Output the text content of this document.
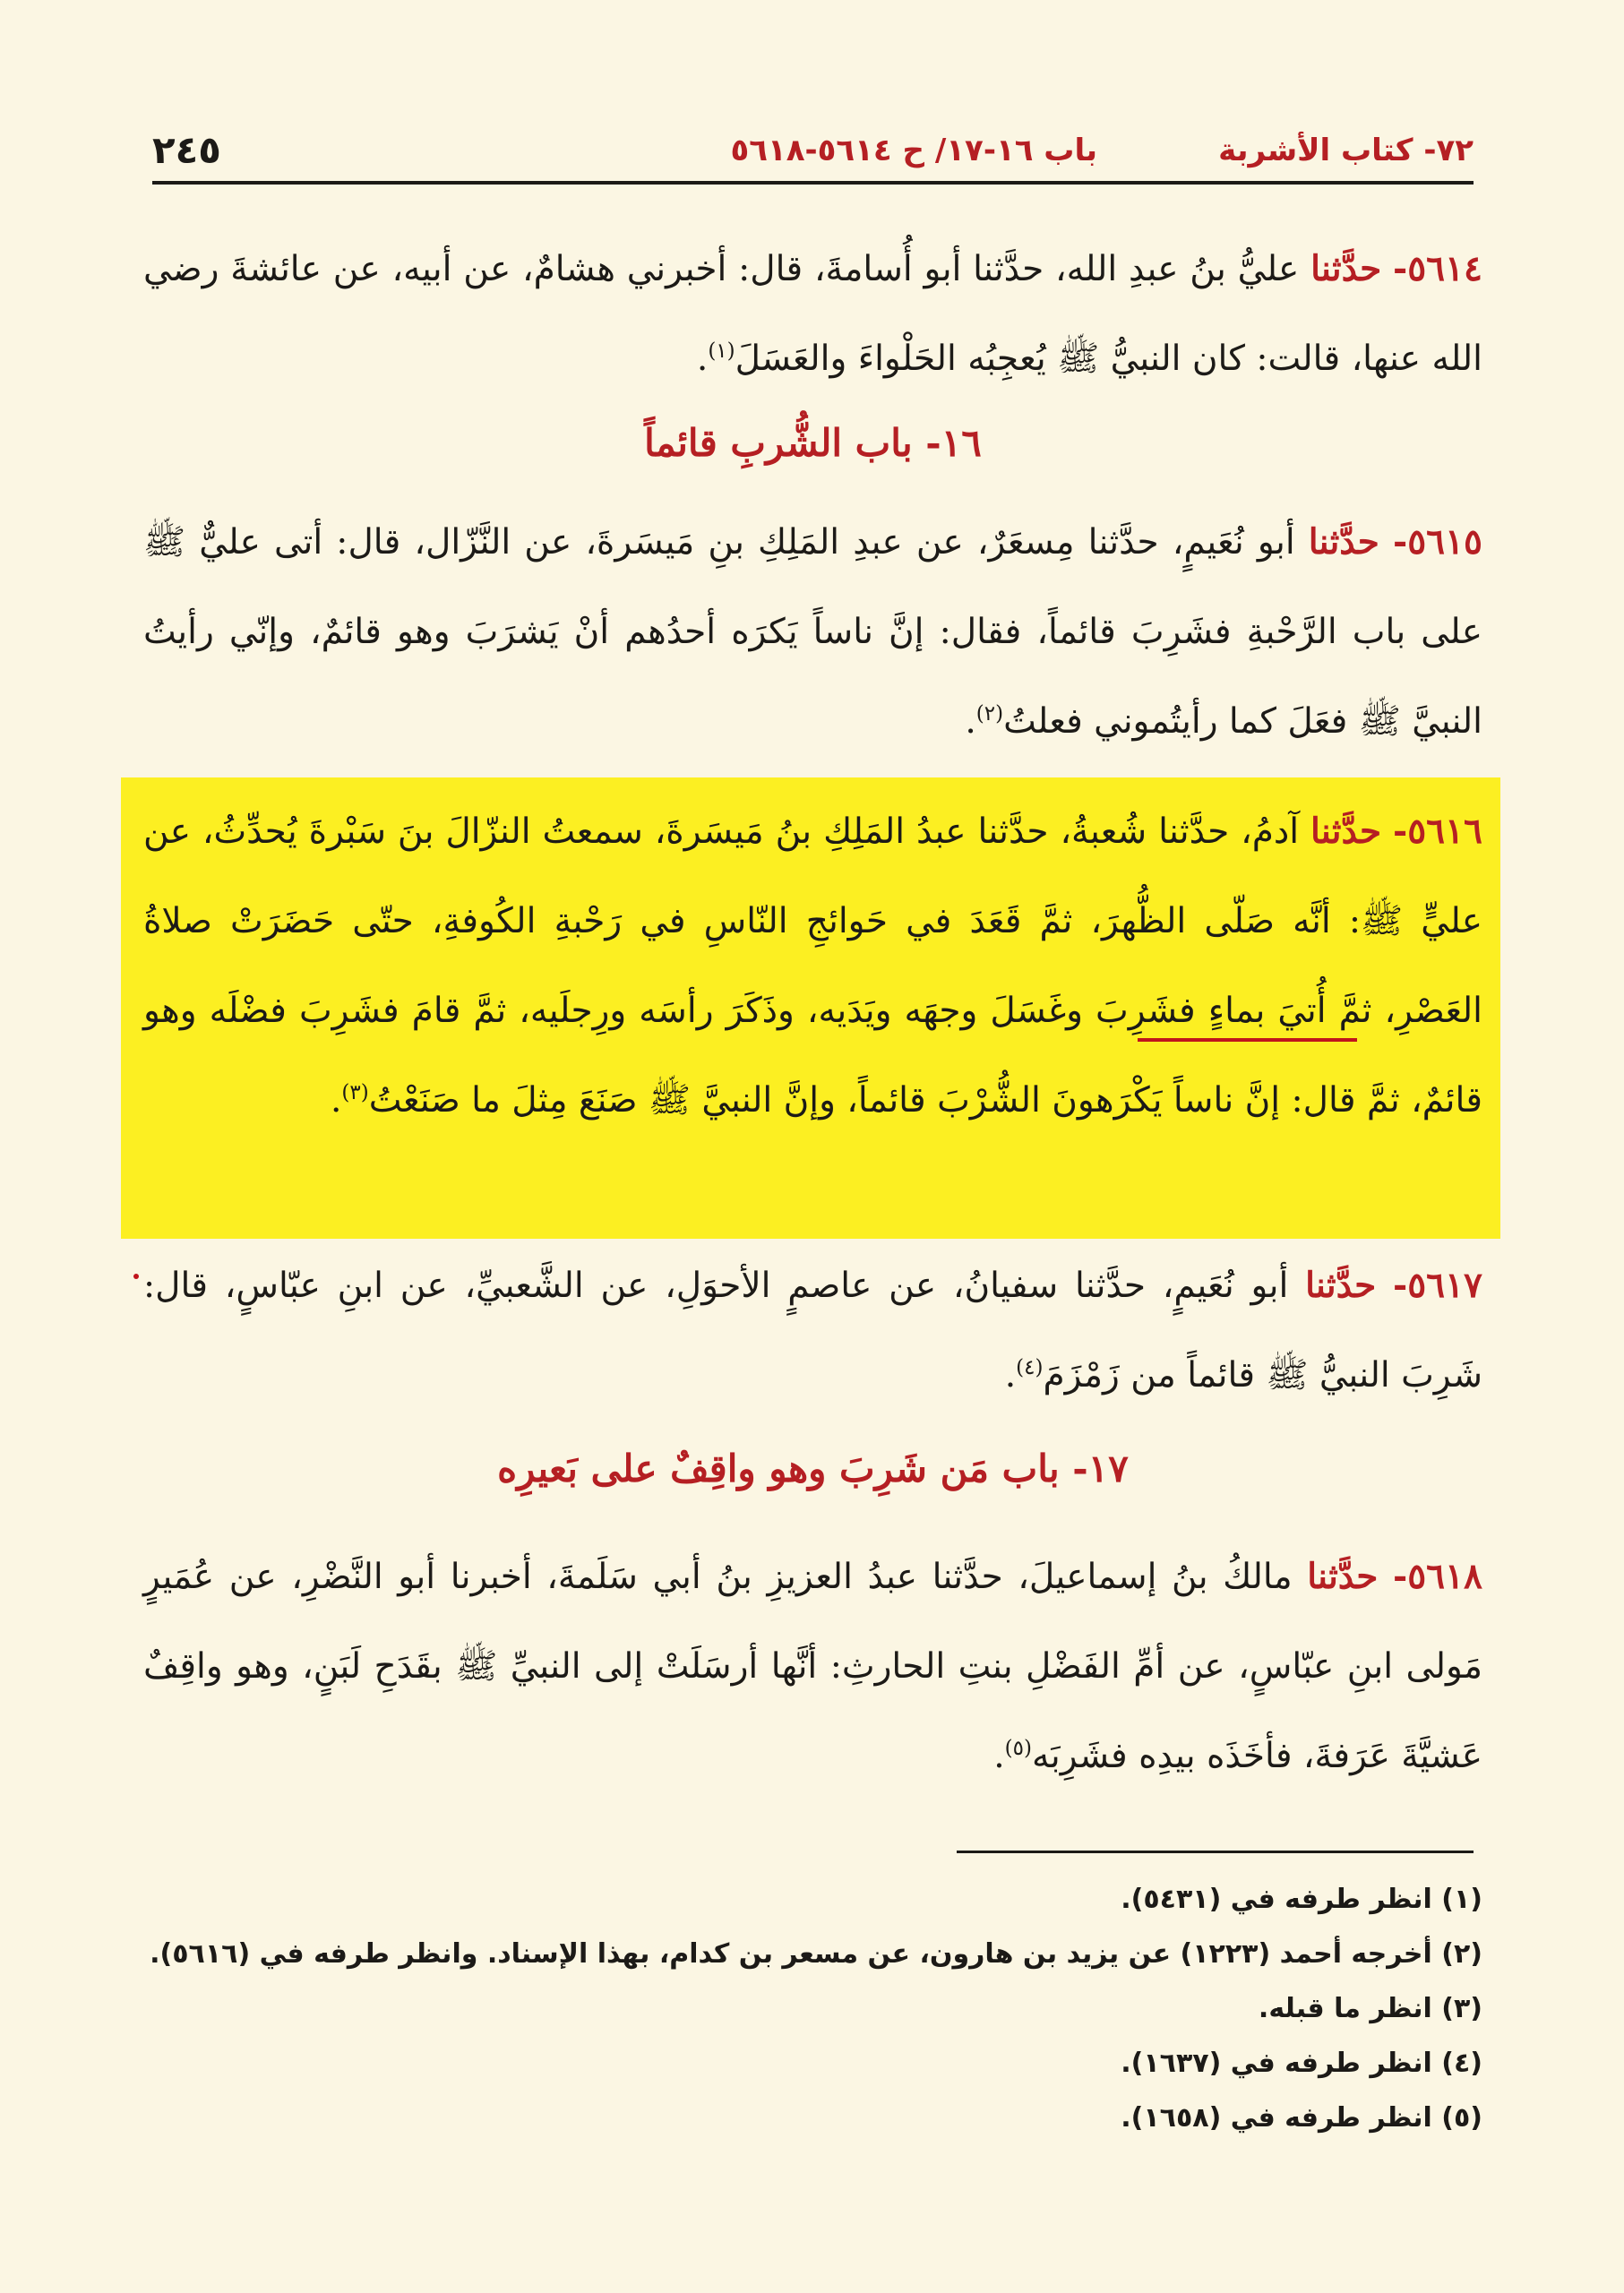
٧٢- كتاب الأشربة
باب ١٦-١٧/ ح ٥٦١٤-٥٦١٨
٢٤٥
٥٦١٤- حدَّثنا عليُّ بنُ عبدِ الله، حدَّثنا أبو أُسامةَ، قال: أخبرني هشامٌ، عن أبيه، عن عائشةَ رضي الله عنها، قالت: كان النبيُّ ﷺ يُعجِبُه الحَلْواءَ والعَسَلَ$^{(١)}$.
١٦- باب الشُّربِ قائماً
٥٦١٥- حدَّثنا أبو نُعَيمٍ، حدَّثنا مِسعَرٌ، عن عبدِ المَلِكِ بنِ مَيسَرةَ، عن النَّزّال، قال: أتى عليٌّ ﷺ على باب الرَّحْبةِ فشَرِبَ قائماً، فقال: إنَّ ناساً يَكرَه أحدُهم أنْ يَشرَبَ وهو قائمٌ، وإنّي رأيتُ النبيَّ ﷺ فعَلَ كما رأيتُموني فعلتُ$^{(٢)}$.
٥٦١٦- حدَّثنا آدمُ، حدَّثنا شُعبةُ، حدَّثنا عبدُ المَلِكِ بنُ مَيسَرةَ، سمعتُ النزّالَ بنَ سَبْرةَ يُحدِّثُ، عن عليٍّ ﷺ: أنَّه صَلّى الظُّهرَ، ثمَّ قَعَدَ في حَوائجِ النّاسِ في رَحْبةِ الكُوفةِ، حتّى حَضَرَتْ صلاةُ العَصْرِ، ثمَّ أُتيَ بماءٍ فشَرِبَ وغَسَلَ وجهَه ويَدَيه، وذَكَرَ رأسَه ورِجلَيه، ثمَّ قامَ فشَرِبَ فضْلَه وهو قائمٌ، ثمَّ قال: إنَّ ناساً يَكْرَهونَ الشُّرْبَ قائماً، وإنَّ النبيَّ ﷺ صَنَعَ مِثلَ ما صَنَعْتُ$^{(٣)}$.
٥٦١٧- حدَّثنا أبو نُعَيمٍ، حدَّثنا سفيانُ، عن عاصمٍ الأحوَلِ، عن الشَّعبيِّ، عن ابنِ عبّاسٍ، قال: شَرِبَ النبيُّ ﷺ قائماً من زَمْزَمَ$^{(٤)}$.
١٧- باب مَن شَرِبَ وهو واقِفٌ على بَعيرِه
٥٦١٨- حدَّثنا مالكُ بنُ إسماعيلَ، حدَّثنا عبدُ العزيزِ بنُ أبي سَلَمةَ، أخبرنا أبو النَّضْرِ، عن عُمَيرٍ مَولى ابنِ عبّاسٍ، عن أمِّ الفَضْلِ بنتِ الحارثِ: أنَّها أرسَلَتْ إلى النبيِّ ﷺ بقَدَحِ لَبَنٍ، وهو واقِفٌ عَشيَّةَ عَرَفةَ، فأخَذَه بيدِه فشَرِبَه$^{(٥)}$.
(١) انظر طرفه في (٥٤٣١).
(٢) أخرجه أحمد (١٢٢٣) عن يزيد بن هارون، عن مسعر بن كدام، بهذا الإسناد. وانظر طرفه في (٥٦١٦).
(٣) انظر ما قبله.
(٤) انظر طرفه في (١٦٣٧).
(٥) انظر طرفه في (١٦٥٨).
